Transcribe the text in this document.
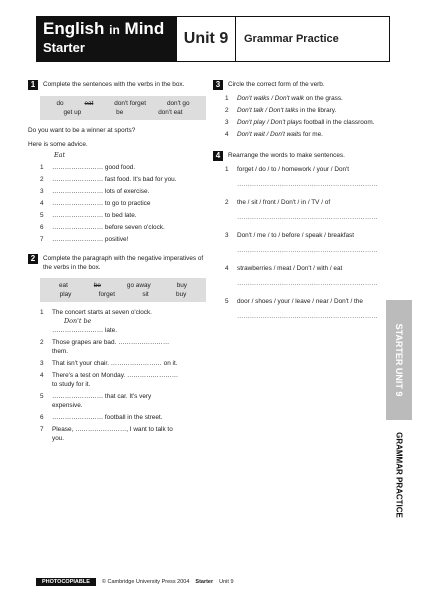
English in Mind
Starter
Unit 9	Grammar Practice
1	Complete the sentences with the verbs in the box.
do	eat	don't forget	don't go
get up	be	don't eat
Do you want to be a winner at sports?
Here is some advice.
Eat
1	…………………… good food.
2	…………………… fast food. It's bad for you.
3	…………………… lots of exercise.
4	…………………… to go to practice
5	…………………… to bed late.
6	…………………… before seven o'clock.
7	…………………… positive!
2	Complete the paragraph with the negative imperatives of the verbs in the box.
eat	be	go away	buy
play	forget	sit	buy
1	The concert starts at seven o'clock.
Don't be
…………………… late.
2	Those grapes are bad. ……………………
them.
3	That isn't your chair. …………………… on it.
4	There's a test on Monday. ……………………
to study for it.
5	…………………… that car. It's very
expensive.
6	…………………… football in the street.
7	Please, ……………………, I want to talk to
you.
3	Circle the correct form of the verb.
1	Don't walks / Don't walk on the grass.
2	Don't talk / Don't talks in the library.
3	Don't play / Don't plays football in the classroom.
4	Don't wait / Don't waits for me.
4	Rearrange the words to make sentences.
1	forget / do / to / homework / your / Don't
…………………………………………………………
2	the / sit / front / Don't / in / TV / of
…………………………………………………………
3	Don't / me / to / before / speak / breakfast
…………………………………………………………
4	strawberries / meat / Don't / with / eat
…………………………………………………………
5	door / shoes / your / leave / near / Don't / the
…………………………………………………………
STARTER UNIT 9
GRAMMAR PRACTICE
PHOTOCOPIABLE	© Cambridge University Press 2004 Starter Unit 9
